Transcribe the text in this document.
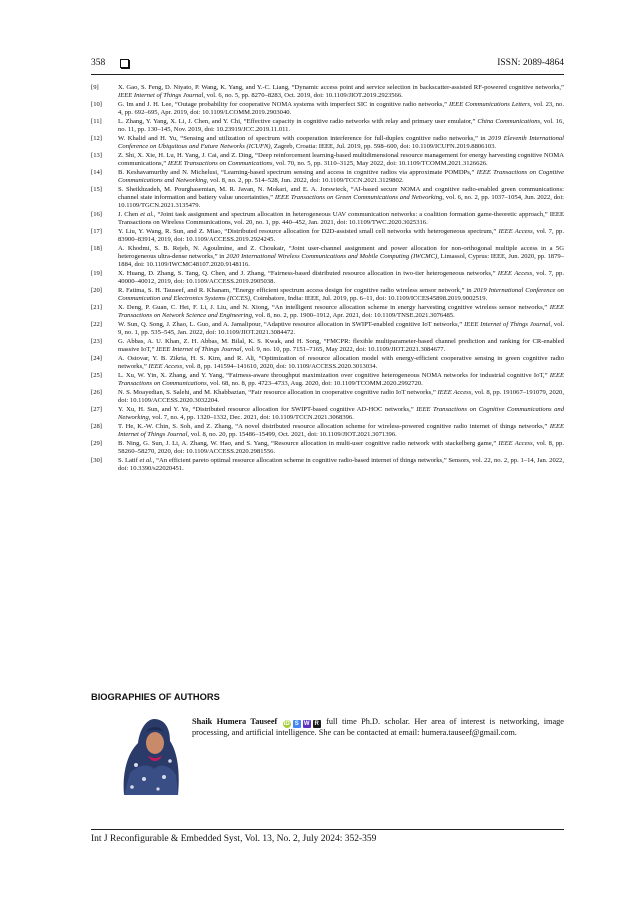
358	ISSN: 2089-4864
[9]	X. Gao, S. Feng, D. Niyato, P. Wang, K. Yang, and Y.-C. Liang, “Dynamic access point and service selection in backscatter-assisted RF-powered cognitive networks,” IEEE Internet of Things Journal, vol. 6, no. 5, pp. 8270–8283, Oct. 2019, doi: 10.1109/JIOT.2019.2923566.
[10]	G. Im and J. H. Lee, “Outage probability for cooperative NOMA systems with imperfect SIC in cognitive radio networks,” IEEE Communications Letters, vol. 23, no. 4, pp. 692–695, Apr. 2019, doi: 10.1109/LCOMM.2019.2903040.
[11]	L. Zhang, Y. Yang, X. Li, J. Chen, and Y. Chi, “Effective capacity in cognitive radio networks with relay and primary user emulator,” China Communications, vol. 16, no. 11, pp. 130–145, Nov. 2019, doi: 10.23919/JCC.2019.11.011.
[12]	W. Khalid and H. Yu, “Sensing and utilization of spectrum with cooperation interference for full-duplex cognitive radio networks,” in 2019 Eleventh International Conference on Ubiquitous and Future Networks (ICUFN), Zagreb, Croatia: IEEE, Jul. 2019, pp. 598–600, doi: 10.1109/ICUFN.2019.8806103.
[13]	Z. Shi, X. Xie, H. Lu, H. Yang, J. Cai, and Z. Ding, “Deep reinforcement learning-based multidimensional resource management for energy harvesting cognitive NOMA communications,” IEEE Transactions on Communications, vol. 70, no. 5, pp. 3110–3125, May 2022, doi: 10.1109/TCOMM.2021.3126626.
[14]	B. Keshavamurthy and N. Michelusi, “Learning-based spectrum sensing and access in cognitive radios via approximate POMDPs,” IEEE Transactions on Cognitive Communications and Networking, vol. 8, no. 2, pp. 514–528, Jun. 2022, doi: 10.1109/TCCN.2021.3129802.
[15]	S. Sheikhzadeh, M. Pourghasemian, M. R. Javan, N. Mokari, and E. A. Jorswieck, “AI-based secure NOMA and cognitive radio-enabled green communications: channel state information and battery value uncertainties,” IEEE Transactions on Green Communications and Networking, vol. 6, no. 2, pp. 1037–1054, Jun. 2022, doi: 10.1109/TGCN.2021.3135479.
[16]	J. Chen et al., “Joint task assignment and spectrum allocation in heterogeneous UAV communication networks: a coalition formation game-theoretic approach,” IEEE Transactions on Wireless Communications, vol. 20, no. 1, pp. 440–452, Jan. 2021, doi: 10.1109/TWC.2020.3025316.
[17]	Y. Liu, Y. Wang, R. Sun, and Z. Miao, “Distributed resource allocation for D2D-assisted small cell networks with heterogeneous spectrum,” IEEE Access, vol. 7, pp. 83900–83914, 2019, doi: 10.1109/ACCESS.2019.2924245.
[18]	A. Khodmi, S. B. Rejeb, N. Agoulmine, and Z. Choukair, “Joint user-channel assignment and power allocation for non-orthogonal multiple access in a 5G heterogeneous ultra-dense networks,” in 2020 International Wireless Communications and Mobile Computing (IWCMC), Limassol, Cyprus: IEEE, Jun. 2020, pp. 1879–1884, doi: 10.1109/IWCMC48107.2020.9148116.
[19]	X. Huang, D. Zhang, S. Tang, Q. Chen, and J. Zhang, “Fairness-based distributed resource allocation in two-tier heterogeneous networks,” IEEE Access, vol. 7, pp. 40000–40012, 2019, doi: 10.1109/ACCESS.2019.2905038.
[20]	R. Fatima, S. H. Tauseef, and R. Khanam, “Energy efficient spectrum access design for cognitive radio wireless sensor network,” in 2019 International Conference on Communication and Electronics Systems (ICCES), Coimbatore, India: IEEE, Jul. 2019, pp. 6–11, doi: 10.1109/ICCES45898.2019.9002519.
[21]	X. Deng, P. Guan, C. Hei, F. Li, J. Liu, and N. Xiong, “An intelligent resource allocation scheme in energy harvesting cognitive wireless sensor networks,” IEEE Transactions on Network Science and Engineering, vol. 8, no. 2, pp. 1900–1912, Apr. 2021, doi: 10.1109/TNSE.2021.3076485.
[22]	W. Sun, Q. Song, J. Zhao, L. Guo, and A. Jamalipour, “Adaptive resource allocation in SWIPT-enabled cognitive IoT networks,” IEEE Internet of Things Journal, vol. 9, no. 1, pp. 535–545, Jan. 2022, doi: 10.1109/JIOT.2021.3084472.
[23]	G. Abbas, A. U. Khan, Z. H. Abbas, M. Bilal, K. S. Kwak, and H. Song, “FMCPR: flexible multiparameter-based channel prediction and ranking for CR-enabled massive IoT,” IEEE Internet of Things Journal, vol. 9, no. 10, pp. 7151–7165, May 2022, doi: 10.1109/JIOT.2021.3084677.
[24]	A. Ostovar, Y. B. Zikria, H. S. Kim, and R. Ali, “Optimization of resource allocation model with energy-efficient cooperative sensing in green cognitive radio networks,” IEEE Access, vol. 8, pp. 141594–141610, 2020, doi: 10.1109/ACCESS.2020.3013034.
[25]	L. Xu, W. Yin, X. Zhang, and Y. Yang, “Fairness-aware throughput maximization over cognitive heterogeneous NOMA networks for industrial cognitive IoT,” IEEE Transactions on Communications, vol. 68, no. 8, pp. 4723–4733, Aug. 2020, doi: 10.1109/TCOMM.2020.2992720.
[26]	N. S. Moayedian, S. Salehi, and M. Khabbazian, “Fair resource allocation in cooperative cognitive radio IoT networks,” IEEE Access, vol. 8, pp. 191067–191079, 2020, doi: 10.1109/ACCESS.2020.3032204.
[27]	Y. Xu, H. Sun, and Y. Ye, “Distributed resource allocation for SWIPT-based cognitive AD-HOC networks,” IEEE Transactions on Cognitive Communications and Networking, vol. 7, no. 4, pp. 1320–1332, Dec. 2021, doi: 10.1109/TCCN.2021.3068396.
[28]	T. He, K.-W. Chin, S. Soh, and Z. Zhang, “A novel distributed resource allocation scheme for wireless-powered cognitive radio internet of things networks,” IEEE Internet of Things Journal, vol. 8, no. 20, pp. 15486–15499, Oct. 2021, doi: 10.1109/JIOT.2021.3071396.
[29]	B. Ning, G. Sun, J. Li, A. Zhang, W. Hao, and S. Yang, “Resource allocation in multi-user cognitive radio network with stackelberg game,” IEEE Access, vol. 8, pp. 58260–58270, 2020, doi: 10.1109/ACCESS.2020.2981556.
[30]	S. Latif et al., “An efficient pareto optimal resource allocation scheme in cognitive radio-based internet of things networks,” Sensors, vol. 22, no. 2, pp. 1–14, Jan. 2022, doi: 10.3390/s22020451.
BIOGRAPHIES OF AUTHORS
Shaik Humera Tauseef iD S W R full time Ph.D. scholar. Her area of interest is networking, image processing, and artificial intelligence. She can be contacted at email: humera.tauseef@gmail.com.
Int J Reconfigurable & Embedded Syst, Vol. 13, No. 2, July 2024: 352-359
